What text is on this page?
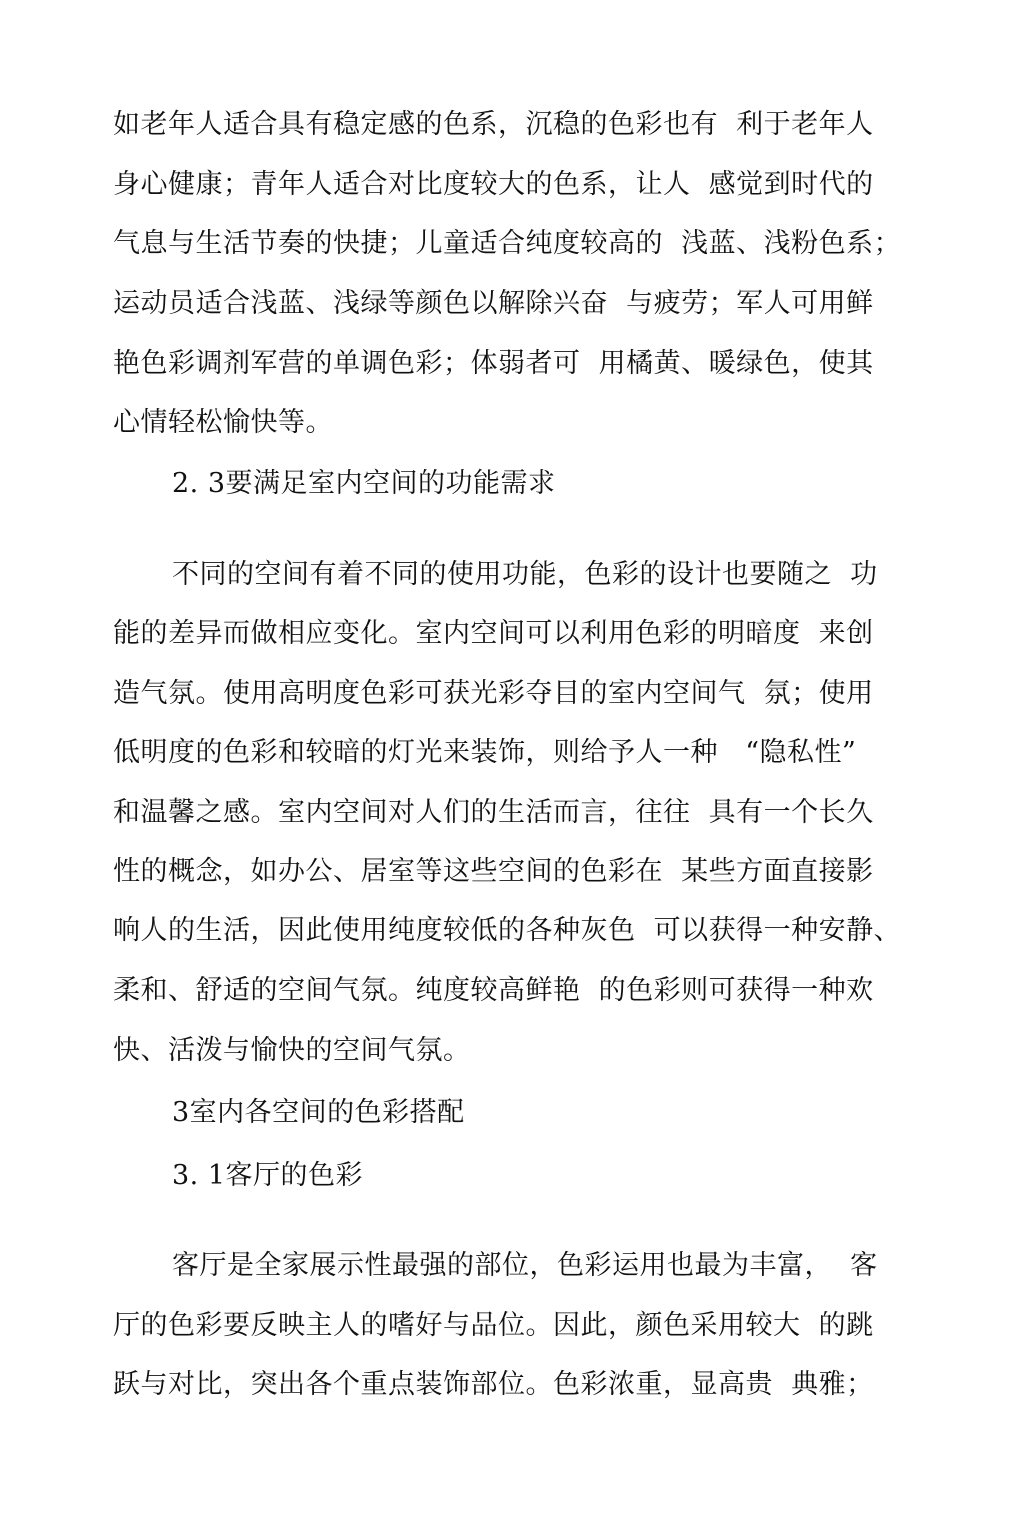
如老年人适合具有稳定感的色系，沉稳的色彩也有  利于老年人
身心健康；青年人适合对比度较大的色系，让人  感觉到时代的
气息与生活节奏的快捷；儿童适合纯度较高的  浅蓝、浅粉色系；
运动员适合浅蓝、浅绿等颜色以解除兴奋  与疲劳；军人可用鲜
艳色彩调剂军营的单调色彩；体弱者可  用橘黄、暖绿色，使其
心情轻松愉快等。
2. 3要满足室内空间的功能需求
不同的空间有着不同的使用功能，色彩的设计也要随之  功
能的差异而做相应变化。室内空间可以利用色彩的明暗度  来创
造气氛。使用高明度色彩可获光彩夺目的室内空间气  氛；使用
低明度的色彩和较暗的灯光来装饰，则给予人一种   “隐私性”
和温馨之感。室内空间对人们的生活而言，往往  具有一个长久
性的概念，如办公、居室等这些空间的色彩在  某些方面直接影
响人的生活，因此使用纯度较低的各种灰色  可以获得一种安静、
柔和、舒适的空间气氛。纯度较高鲜艳  的色彩则可获得一种欢
快、活泼与愉快的空间气氛。
3室内各空间的色彩搭配
3. 1客厅的色彩
客厅是全家展示性最强的部位，色彩运用也最为丰富，  客
厅的色彩要反映主人的嗜好与品位。因此，颜色采用较大  的跳
跃与对比，突出各个重点装饰部位。色彩浓重，显高贵  典雅；
